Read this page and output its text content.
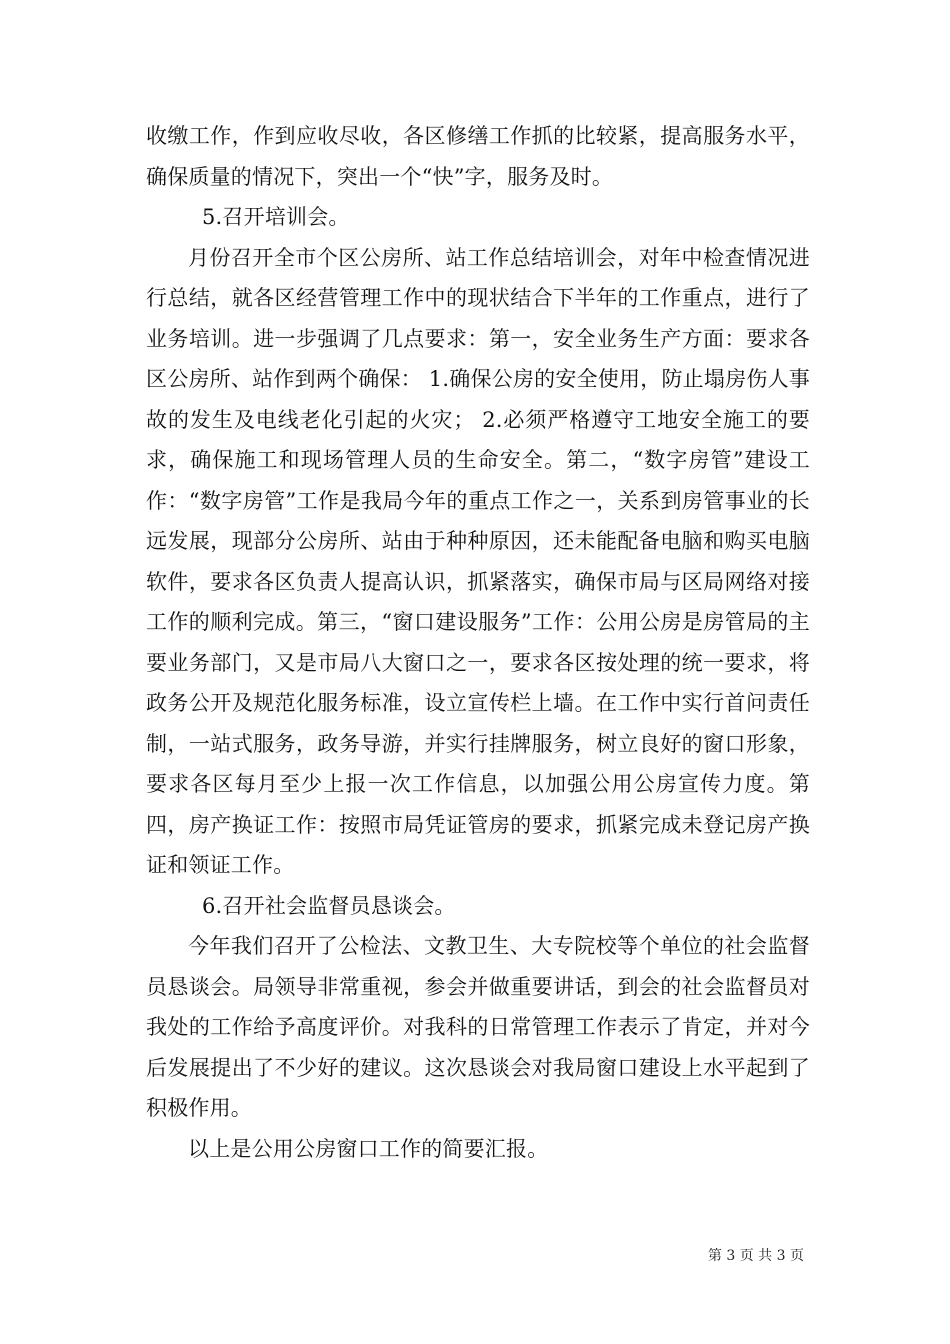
收缴工作，作到应收尽收，各区修缮工作抓的比较紧，提高服务水平，确保质量的情况下，突出一个“快”字，服务及时。

5.召开培训会。

月份召开全市个区公房所、站工作总结培训会，对年中检查情况进行总结，就各区经营管理工作中的现状结合下半年的工作重点，进行了业务培训。进一步强调了几点要求：第一，安全业务生产方面：要求各区公房所、站作到两个确保： 1.确保公房的安全使用，防止塌房伤人事故的发生及电线老化引起的火灾； 2.必须严格遵守工地安全施工的要求，确保施工和现场管理人员的生命安全。第二，“数字房管”建设工作：“数字房管”工作是我局今年的重点工作之一，关系到房管事业的长远发展，现部分公房所、站由于种种原因，还未能配备电脑和购买电脑软件，要求各区负责人提高认识，抓紧落实，确保市局与区局网络对接工作的顺利完成。第三，“窗口建设服务”工作：公用公房是房管局的主要业务部门，又是市局八大窗口之一，要求各区按处理的统一要求，将政务公开及规范化服务标准，设立宣传栏上墙。在工作中实行首问责任制，一站式服务，政务导游，并实行挂牌服务，树立良好的窗口形象，要求各区每月至少上报一次工作信息，以加强公用公房宣传力度。第四，房产换证工作：按照市局凭证管房的要求，抓紧完成未登记房产换证和领证工作。

6.召开社会监督员恳谈会。

今年我们召开了公检法、文教卫生、大专院校等个单位的社会监督员恳谈会。局领导非常重视，参会并做重要讲话，到会的社会监督员对我处的工作给予高度评价。对我科的日常管理工作表示了肯定，并对今后发展提出了不少好的建议。这次恳谈会对我局窗口建设上水平起到了积极作用。

以上是公用公房窗口工作的简要汇报。

第 3 页 共 3 页
